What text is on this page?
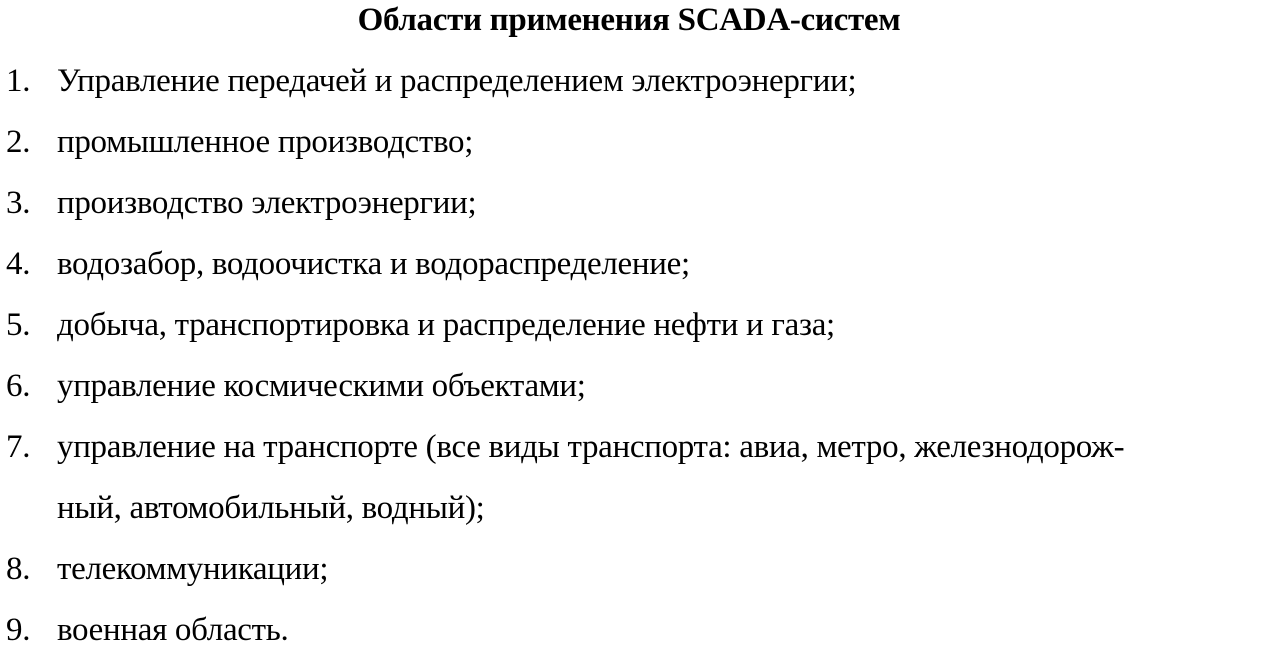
Области применения SCADA-систем
1. Управление передачей и распределением электроэнергии;
2. промышленное производство;
3. производство электроэнергии;
4. водозабор, водоочистка и водораспределение;
5. добыча, транспортировка и распределение нефти и газа;
6. управление космическими объектами;
7. управление на транспорте (все виды транспорта: авиа, метро, железнодорож-
ный, автомобильный, водный);
8. телекоммуникации;
9. военная область.
